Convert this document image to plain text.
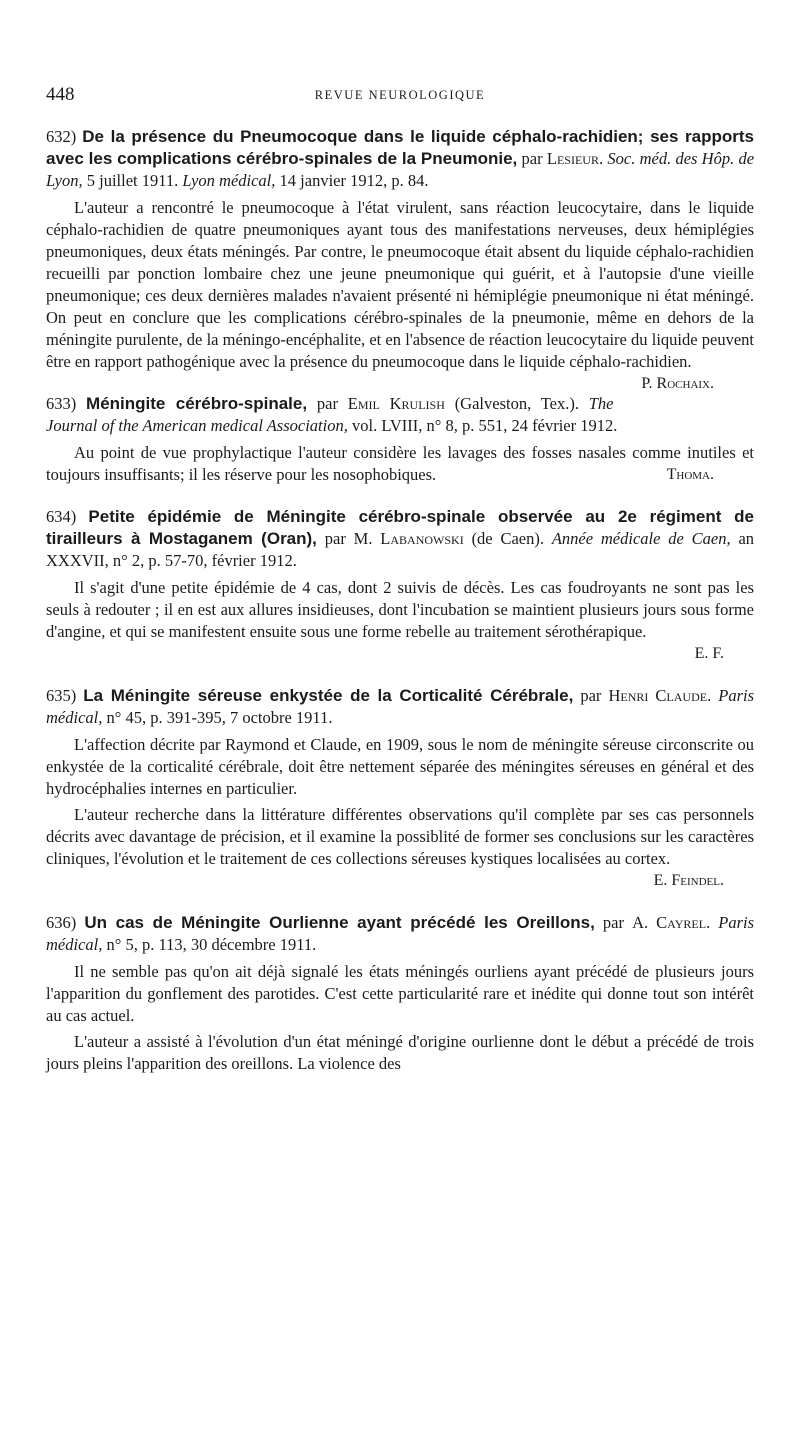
448	REVUE NEUROLOGIQUE
632) De la présence du Pneumocoque dans le liquide céphalo-rachidien; ses rapports avec les complications cérébro-spinales de la Pneumonie, par Lesieur. Soc. méd. des Hôp. de Lyon, 5 juillet 1911. Lyon médical, 14 janvier 1912, p. 84.

L'auteur a rencontré le pneumocoque à l'état virulent, sans réaction leucocytaire, dans le liquide céphalo-rachidien de quatre pneumoniques ayant tous des manifestations nerveuses, deux hémiplégies pneumoniques, deux états méningés. Par contre, le pneumocoque était absent du liquide céphalo-rachidien recueilli par ponction lombaire chez une jeune pneumonique qui guérit, et à l'autopsie d'une vieille pneumonique; ces deux dernières malades n'avaient présenté ni hémiplégie pneumonique ni état méningé. On peut en conclure que les complications cérébro-spinales de la pneumonie, même en dehors de la méningite purulente, de la méningo-encéphalite, et en l'absence de réaction leucocytaire du liquide peuvent être en rapport pathogénique avec la présence du pneumocoque dans le liquide céphalo-rachidien.
P. Rochaix.

633) Méningite cérébro-spinale, par Emil Krulish (Galveston, Tex.). The Journal of the American medical Association, vol. LVIII, n° 8, p. 551, 24 février 1912.

Au point de vue prophylactique l'auteur considère les lavages des fosses nasales comme inutiles et toujours insuffisants; il les réserve pour les nosophobiques.	Thoma.

634) Petite épidémie de Méningite cérébro-spinale observée au 2e régiment de tirailleurs à Mostaganem (Oran), par M. Labanowski (de Caen). Année médicale de Caen, an XXXVII, n° 2, p. 57-70, février 1912.

Il s'agit d'une petite épidémie de 4 cas, dont 2 suivis de décès. Les cas foudroyants ne sont pas les seuls à redouter ; il en est aux allures insidieuses, dont l'incubation se maintient plusieurs jours sous forme d'angine, et qui se manifestent ensuite sous une forme rebelle au traitement sérothérapique.

E. F.
635) La Méningite séreuse enkystée de la Corticalité Cérébrale, par Henri Claude. Paris médical, n° 45, p. 391-395, 7 octobre 1911.

L'affection décrite par Raymond et Claude, en 1909, sous le nom de méningite séreuse circonscrite ou enkystée de la corticalité cérébrale, doit être nettement séparée des méningites séreuses en général et des hydrocéphalies internes en particulier.

L'auteur recherche dans la littérature différentes observations qu'il complète par ses cas personnels décrits avec davantage de précision, et il examine la possiblité de former ses conclusions sur les caractères cliniques, l'évolution et le traitement de ces collections séreuses kystiques localisées au cortex.

E. Feindel.
636) Un cas de Méningite Ourlienne ayant précédé les Oreillons, par A. Cayrel. Paris médical, n° 5, p. 113, 30 décembre 1911.

Il ne semble pas qu'on ait déjà signalé les états méningés ourliens ayant précédé de plusieurs jours l'apparition du gonflement des parotides. C'est cette particularité rare et inédite qui donne tout son intérêt au cas actuel.

L'auteur a assisté à l'évolution d'un état méningé d'origine ourlienne dont le début a précédé de trois jours pleins l'apparition des oreillons. La violence des
